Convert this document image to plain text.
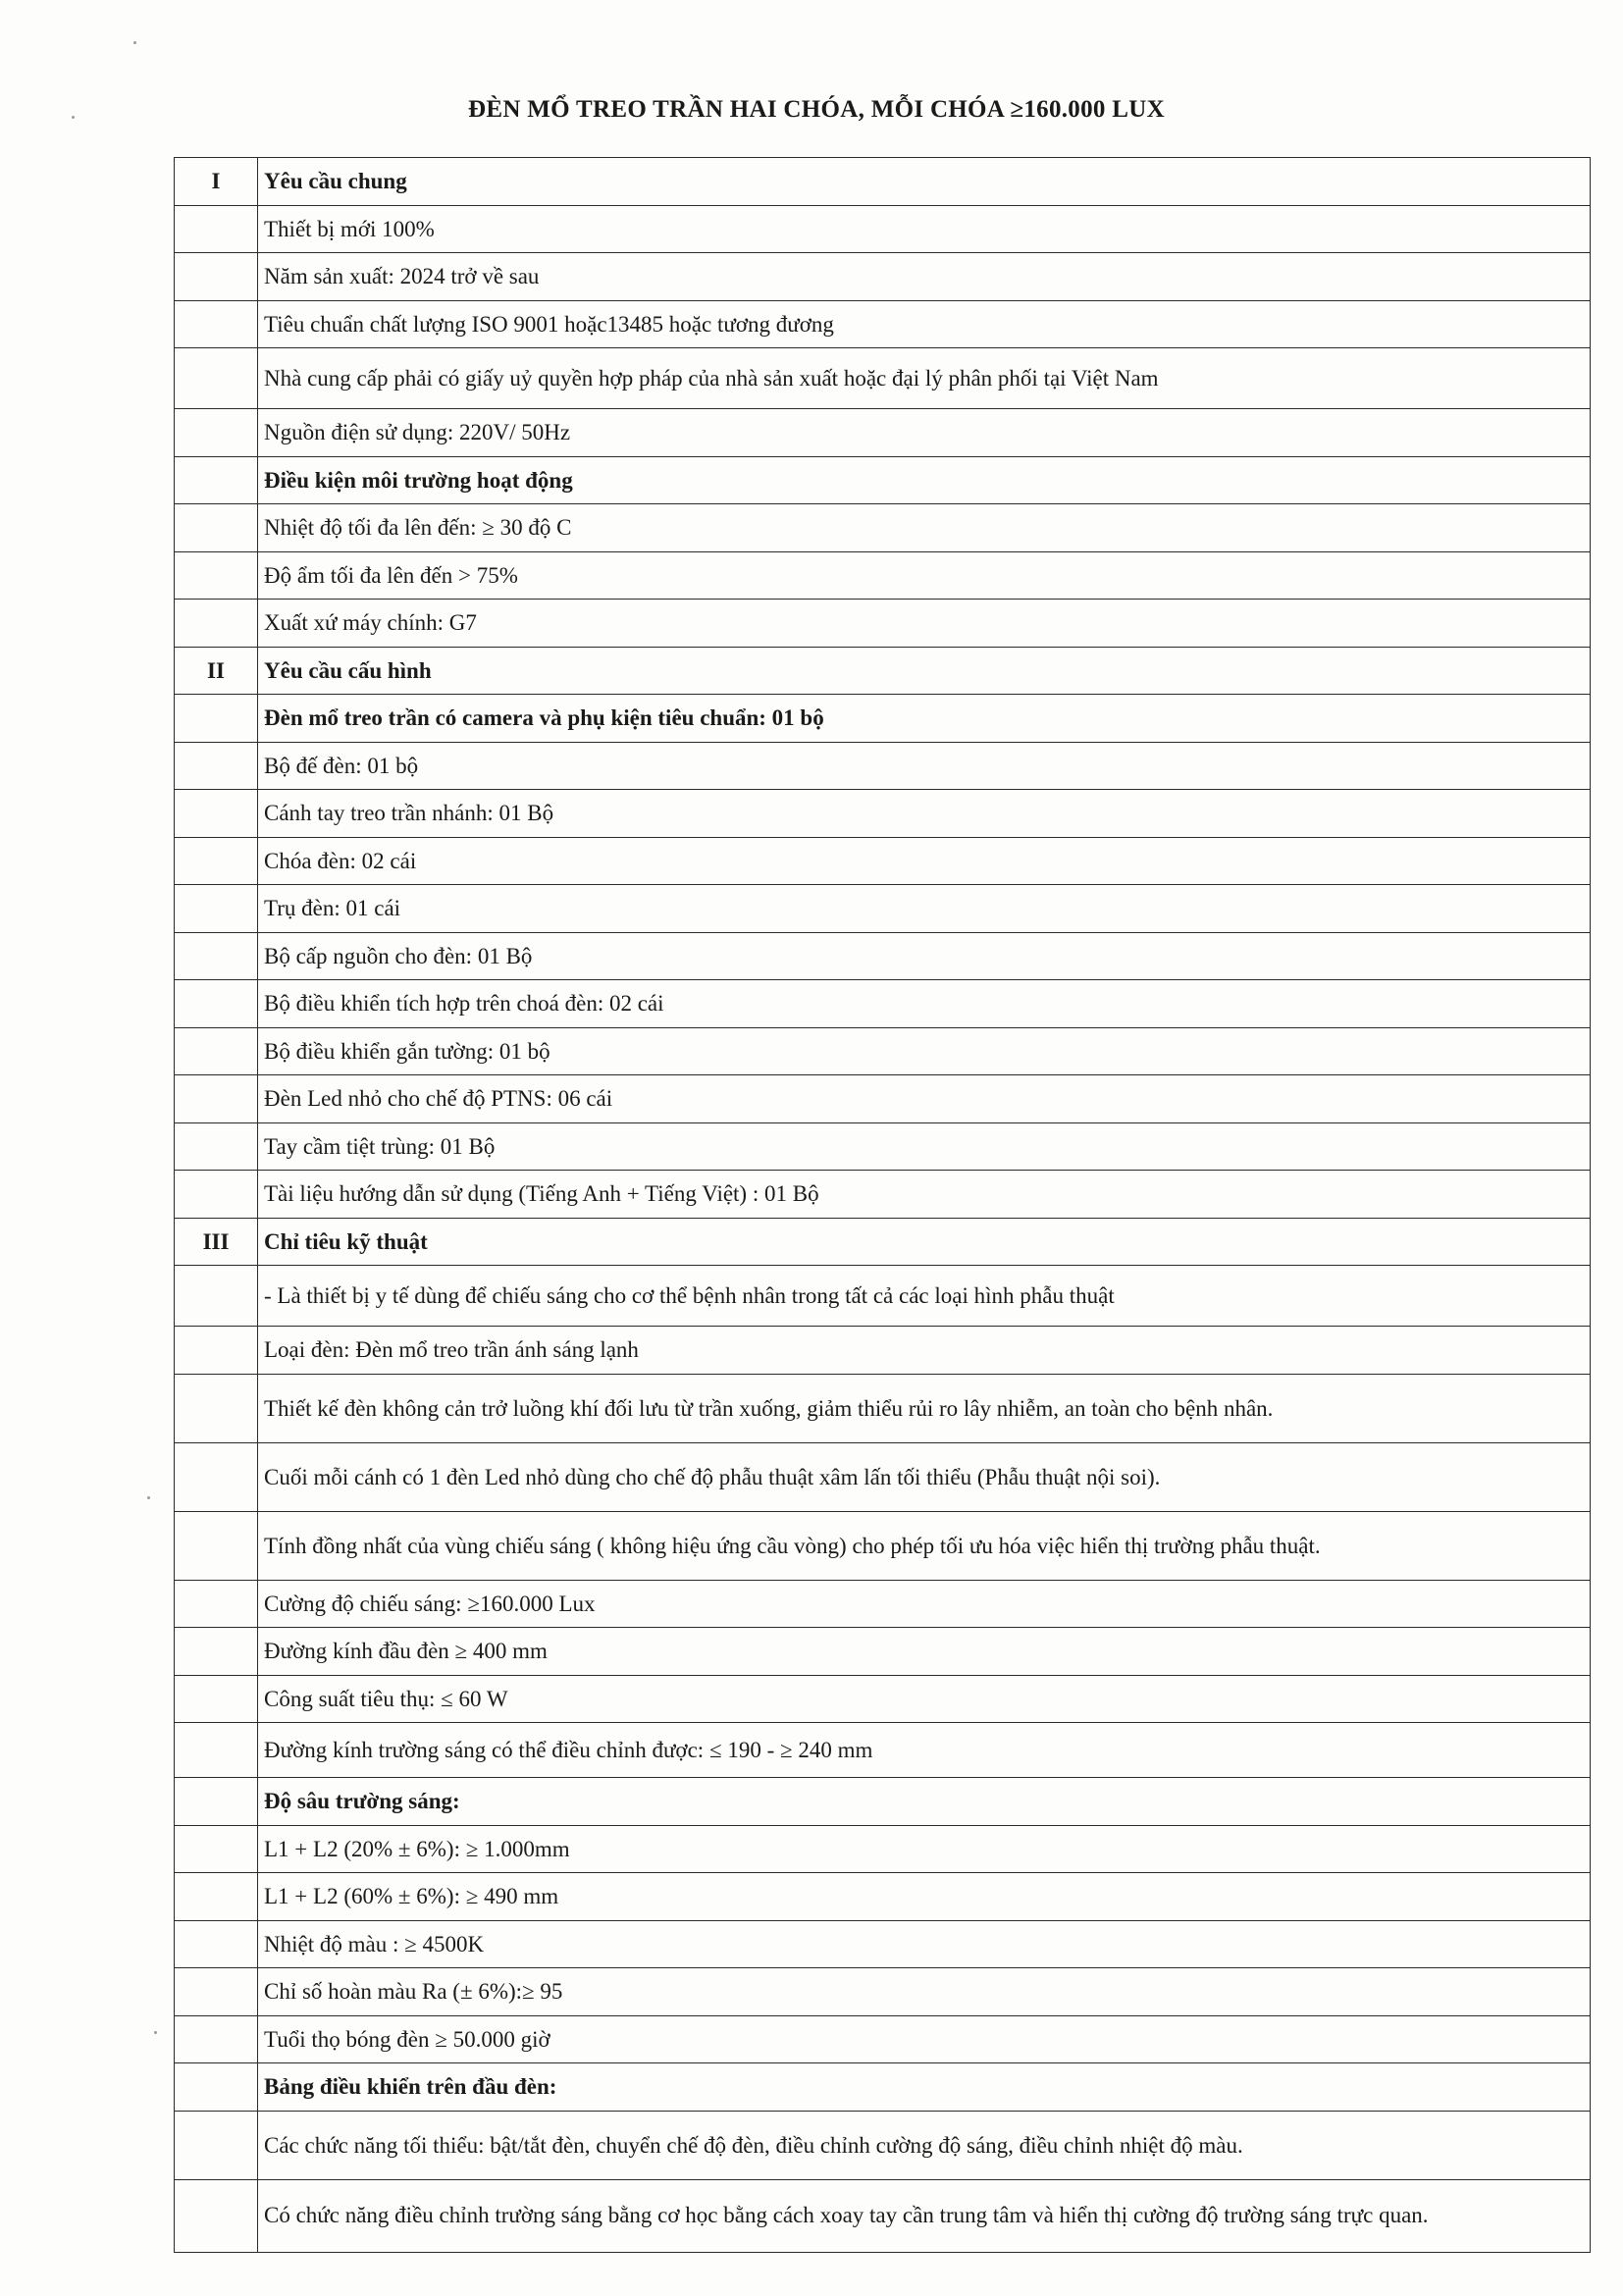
ĐÈN MỔ TREO TRẦN HAI CHÓA, MỖI CHÓA ≥160.000 LUX
I	Yêu cầu chung
	Thiết bị mới 100%
	Năm sản xuất: 2024 trở về sau
	Tiêu chuẩn chất lượng ISO 9001 hoặc13485 hoặc tương đương
	Nhà cung cấp phải có giấy uỷ quyền hợp pháp của nhà sản xuất hoặc đại lý phân phối tại Việt Nam
	Nguồn điện sử dụng: 220V/ 50Hz
	Điều kiện môi trường hoạt động
	Nhiệt độ tối đa lên đến: ≥ 30 độ C
	Độ ẩm tối đa lên đến > 75%
	Xuất xứ máy chính: G7
II	Yêu cầu cấu hình
	Đèn mổ treo trần có camera và phụ kiện tiêu chuẩn: 01 bộ
	Bộ đế đèn: 01 bộ
	Cánh tay treo trần nhánh: 01 Bộ
	Chóa đèn: 02 cái
	Trụ đèn: 01 cái
	Bộ cấp nguồn cho đèn: 01 Bộ
	Bộ điều khiển tích hợp trên choá đèn: 02 cái
	Bộ điều khiển gắn tường: 01 bộ
	Đèn Led nhỏ cho chế độ PTNS: 06 cái
	Tay cầm tiệt trùng: 01 Bộ
	Tài liệu hướng dẫn sử dụng (Tiếng Anh + Tiếng Việt) : 01 Bộ
III	Chỉ tiêu kỹ thuật
	- Là thiết bị y tế dùng để chiếu sáng cho cơ thể bệnh nhân trong tất cả các loại hình phẫu thuật
	Loại đèn: Đèn mổ treo trần ánh sáng lạnh
	Thiết kế đèn không cản trở luồng khí đối lưu từ trần xuống, giảm thiểu rủi ro lây nhiễm, an toàn cho bệnh nhân.
	Cuối mỗi cánh có 1 đèn Led nhỏ dùng cho chế độ phẫu thuật xâm lấn tối thiểu (Phẫu thuật nội soi).
	Tính đồng nhất của vùng chiếu sáng ( không hiệu ứng cầu vòng) cho phép tối ưu hóa việc hiển thị trường phẫu thuật.
	Cường độ chiếu sáng: ≥160.000 Lux
	Đường kính đầu đèn ≥ 400 mm
	Công suất tiêu thụ: ≤ 60 W
	Đường kính trường sáng có thể điều chỉnh được: ≤ 190 - ≥ 240 mm
	Độ sâu trường sáng:
	L1 + L2 (20% ± 6%): ≥ 1.000mm
	L1 + L2 (60% ± 6%): ≥ 490 mm
	Nhiệt độ màu : ≥ 4500K
	Chỉ số hoàn màu Ra (± 6%):≥ 95
	Tuổi thọ bóng đèn ≥ 50.000 giờ
	Bảng điều khiển trên đầu đèn:
	Các chức năng tối thiểu: bật/tắt đèn, chuyển chế độ đèn, điều chỉnh cường độ sáng, điều chỉnh nhiệt độ màu.
	Có chức năng điều chỉnh trường sáng bằng cơ học bằng cách xoay tay cần trung tâm và hiển thị cường độ trường sáng trực quan.
